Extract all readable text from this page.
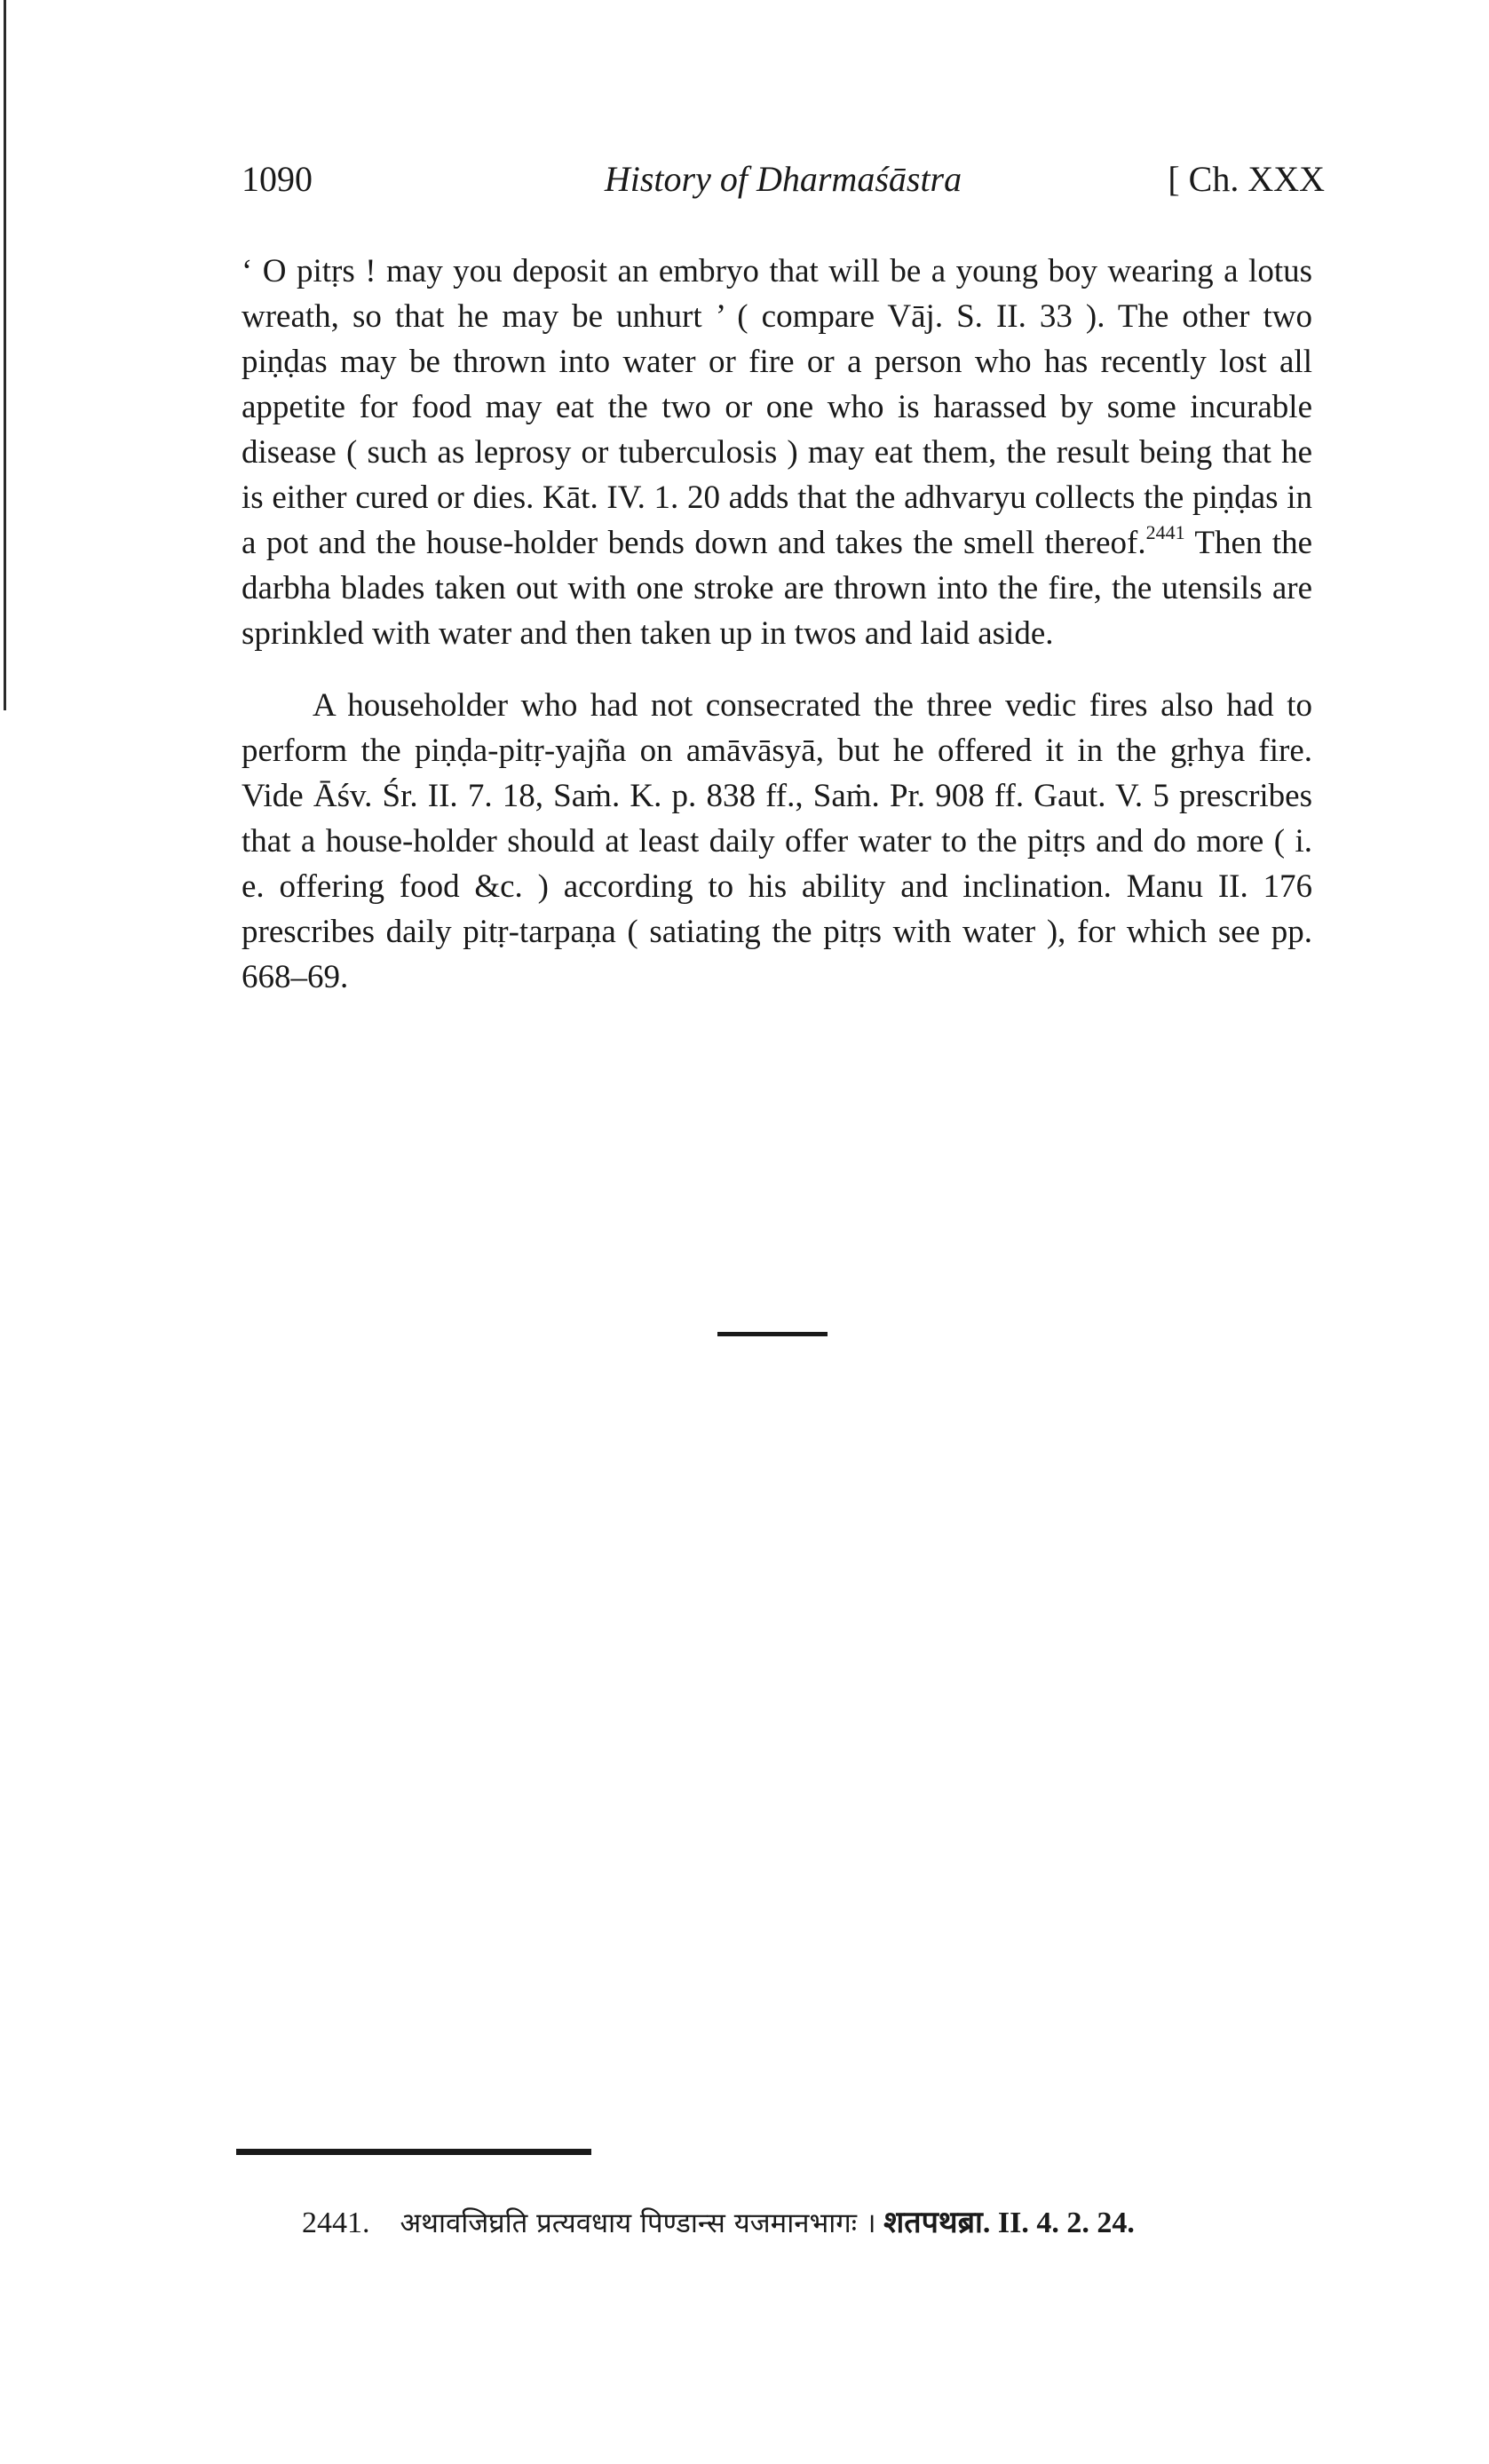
1090	History of Dharmaśāstra	[ Ch. XXX

‘ O pitṛs ! may you deposit an embryo that will be a young boy wearing a lotus wreath, so that he may be unhurt ’ ( compare Vāj. S. II. 33 ). The other two piṇḍas may be thrown into water or fire or a person who has recently lost all appetite for food may eat the two or one who is harassed by some incurable disease ( such as leprosy or tuberculosis ) may eat them, the result being that he is either cured or dies. Kāt. IV. 1. 20 adds that the adhvaryu collects the piṇḍas in a pot and the house-holder bends down and takes the smell thereof.$^{2441}$ Then the darbha blades taken out with one stroke are thrown into the fire, the utensils are sprinkled with water and then taken up in twos and laid aside.

A householder who had not consecrated the three vedic fires also had to perform the piṇḍa-pitṛ-yajña on amāvāsyā, but he offered it in the gṛhya fire. Vide Āśv. Śr. II. 7. 18, Saṁ. K. p. 838 ff., Saṁ. Pr. 908 ff. Gaut. V. 5 prescribes that a house-holder should at least daily offer water to the pitṛs and do more ( i. e. offering food &c. ) according to his ability and inclination. Manu II. 176 prescribes daily pitṛ-tarpaṇa ( satiating the pitṛs with water ), for which see pp. 668–69.

2441. अथावजिघ्रति प्रत्यवधाय पिण्डान्स यजमानभागः । शतपथब्रा. II. 4. 2. 24.
